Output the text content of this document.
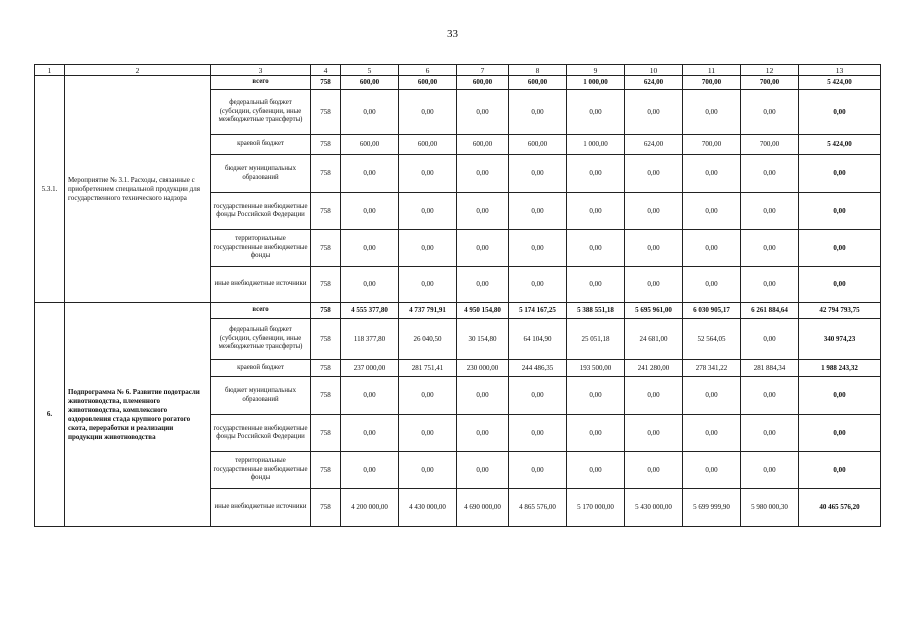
33
1	2	3	4	5	6	7	8	9	10	11	12	13
5.3.1.	Мероприятие № 3.1. Расходы, связанные с приобретением специальной продукции для государственного технического надзора	всего	758	600,00	600,00	600,00	600,00	1 000,00	624,00	700,00	700,00	5 424,00
		федеральный бюджет (субсидии, субвенции, иные межбюджетные трансферты)	758	0,00	0,00	0,00	0,00	0,00	0,00	0,00	0,00	0,00
		краевой бюджет	758	600,00	600,00	600,00	600,00	1 000,00	624,00	700,00	700,00	5 424,00
		бюджет муниципальных образований	758	0,00	0,00	0,00	0,00	0,00	0,00	0,00	0,00	0,00
		государственные внебюджетные фонды Российской Федерации	758	0,00	0,00	0,00	0,00	0,00	0,00	0,00	0,00	0,00
		территориальные государственные внебюджетные фонды	758	0,00	0,00	0,00	0,00	0,00	0,00	0,00	0,00	0,00
		иные внебюджетные источники	758	0,00	0,00	0,00	0,00	0,00	0,00	0,00	0,00	0,00
6.	Подпрограмма № 6. Развитие подотрасли животноводства, племенного животноводства, комплексного оздоровления стада крупного рогатого скота, переработки и реализации продукции животноводства	всего	758	4 555 377,80	4 737 791,91	4 950 154,80	5 174 167,25	5 388 551,18	5 695 961,00	6 030 905,17	6 261 884,64	42 794 793,75
		федеральный бюджет (субсидии, субвенции, иные межбюджетные трансферты)	758	118 377,80	26 040,50	30 154,80	64 104,90	25 051,18	24 681,00	52 564,05	0,00	340 974,23
		краевой бюджет	758	237 000,00	281 751,41	230 000,00	244 486,35	193 500,00	241 280,00	278 341,22	281 884,34	1 988 243,32
		бюджет муниципальных образований	758	0,00	0,00	0,00	0,00	0,00	0,00	0,00	0,00	0,00
		государственные внебюджетные фонды Российской Федерации	758	0,00	0,00	0,00	0,00	0,00	0,00	0,00	0,00	0,00
		территориальные государственные внебюджетные фонды	758	0,00	0,00	0,00	0,00	0,00	0,00	0,00	0,00	0,00
		иные внебюджетные источники	758	4 200 000,00	4 430 000,00	4 690 000,00	4 865 576,00	5 170 000,00	5 430 000,00	5 699 999,90	5 980 000,30	40 465 576,20
